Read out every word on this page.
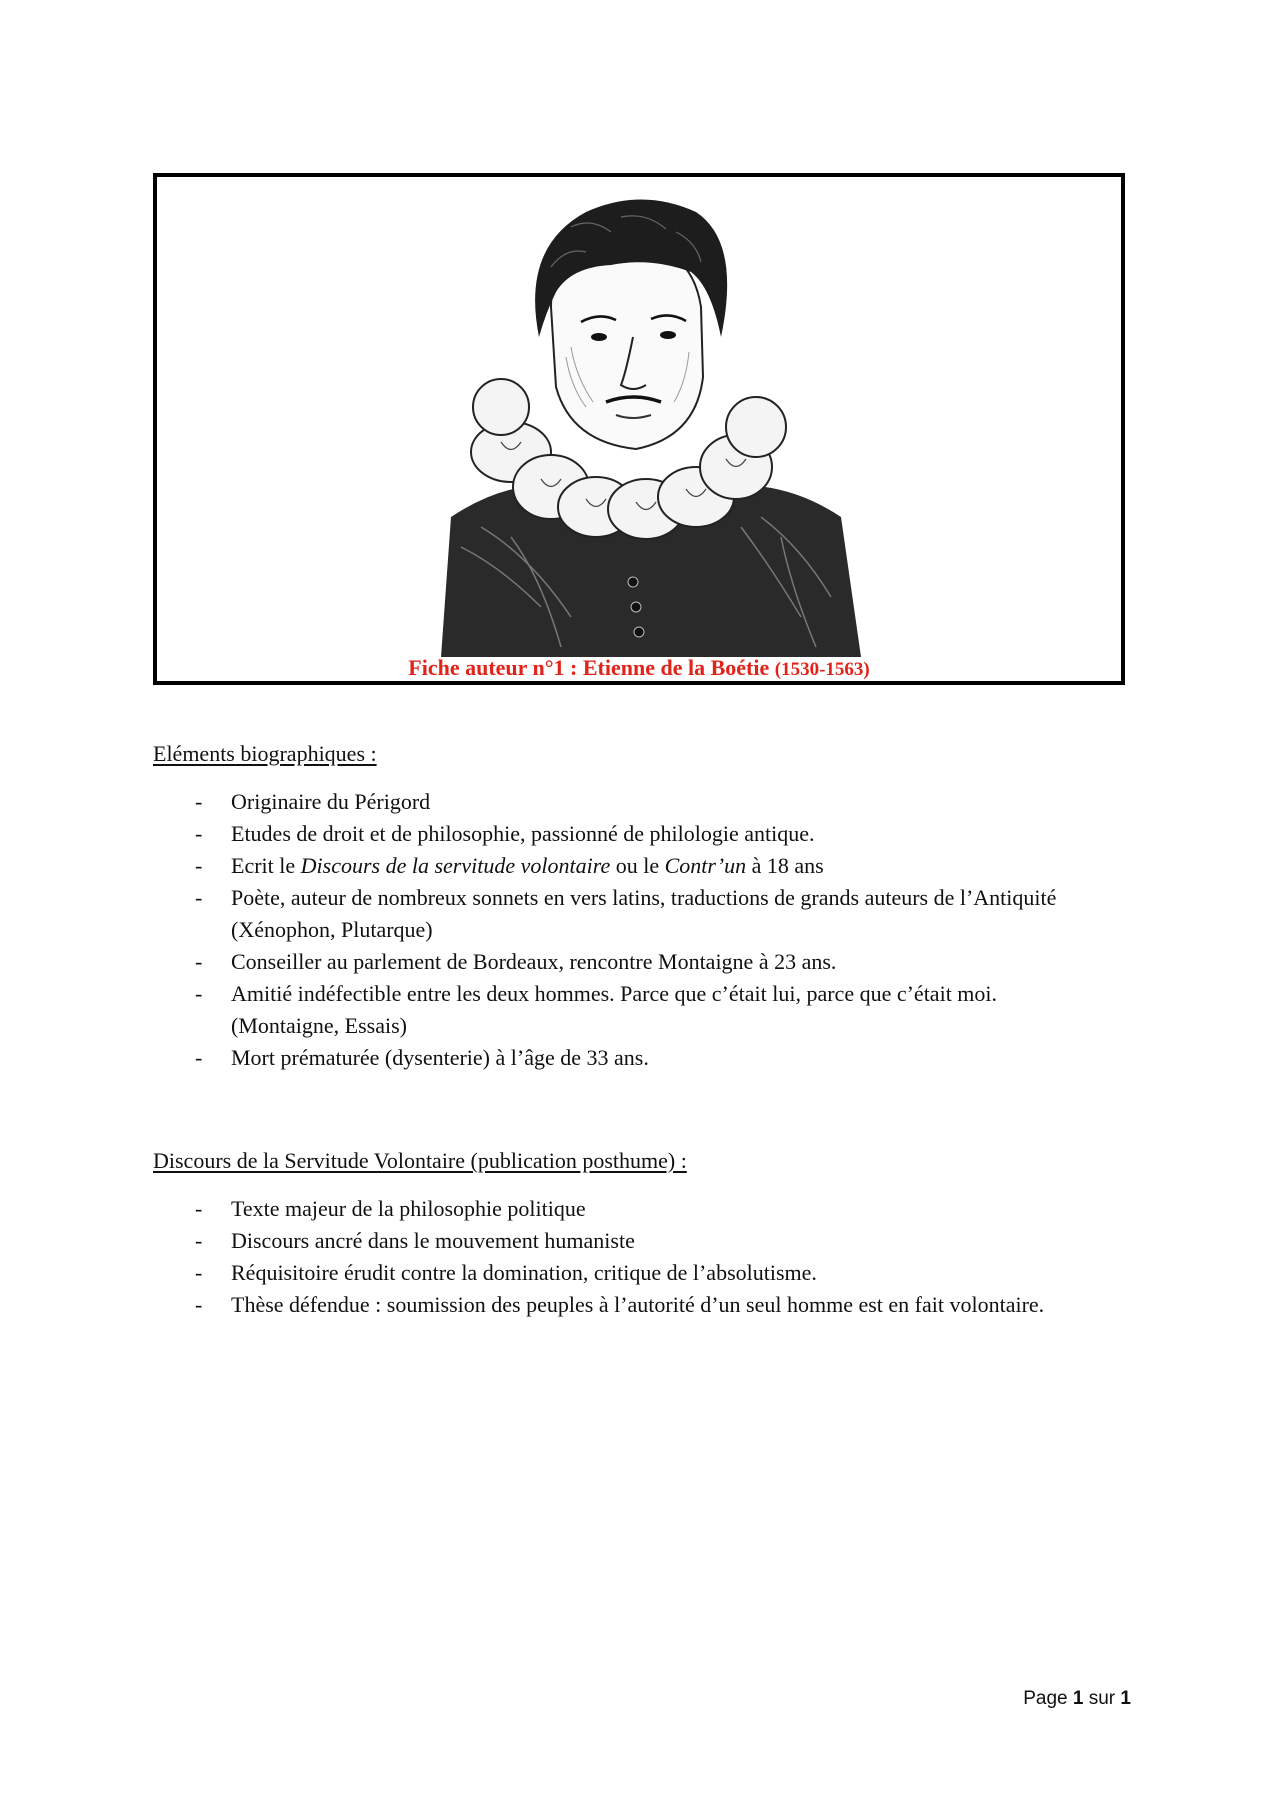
Fiche auteur n°1 : Etienne de la Boétie (1530-1563)
Eléments biographiques :
- Originaire du Périgord
- Etudes de droit et de philosophie, passionné de philologie antique.
- Ecrit le Discours de la servitude volontaire ou le Contr’un à 18 ans
- Poète, auteur de nombreux sonnets en vers latins, traductions de grands auteurs de l’Antiquité (Xénophon, Plutarque)
- Conseiller au parlement de Bordeaux, rencontre Montaigne à 23 ans.
- Amitié indéfectible entre les deux hommes. Parce que c’était lui, parce que c’était moi. (Montaigne, Essais)
- Mort prématurée (dysenterie) à l’âge de 33 ans.
Discours de la Servitude Volontaire (publication posthume) :
- Texte majeur de la philosophie politique
- Discours ancré dans le mouvement humaniste
- Réquisitoire érudit contre la domination, critique de l’absolutisme.
- Thèse défendue : soumission des peuples à l’autorité d’un seul homme est en fait volontaire.
Page 1 sur 1
